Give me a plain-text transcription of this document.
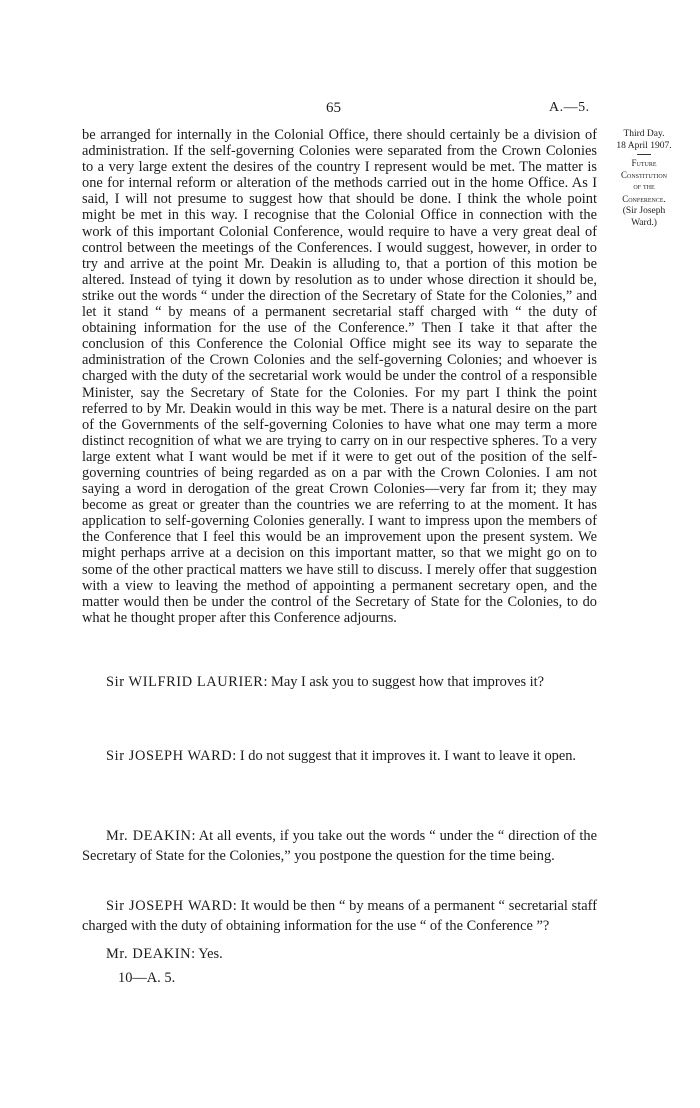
65	A.—5.
Third Day.
18 April 1907.
Future
Constitution
of the
Conference.
(Sir Joseph
Ward.)

be arranged for internally in the Colonial Office, there should certainly be a division of administration. If the self-governing Colonies were separated from the Crown Colonies to a very large extent the desires of the country I represent would be met. The matter is one for internal reform or alteration of the methods carried out in the home Office. As I said, I will not presume to suggest how that should be done. I think the whole point might be met in this way. I recognise that the Colonial Office in connection with the work of this important Colonial Conference, would require to have a very great deal of control between the meetings of the Conferences. I would suggest, however, in order to try and arrive at the point Mr. Deakin is alluding to, that a portion of this motion be altered. Instead of tying it down by resolution as to under whose direction it should be, strike out the words “ under the direction of the Secretary of State for the Colonies,” and let it stand “ by means of a permanent secretarial staff charged with “ the duty of obtaining information for the use of the Conference.” Then I take it that after the conclusion of this Conference the Colonial Office might see its way to separate the administration of the Crown Colonies and the self-governing Colonies; and whoever is charged with the duty of the secretarial work would be under the control of a responsible Minister, say the Secretary of State for the Colonies. For my part I think the point referred to by Mr. Deakin would in this way be met. There is a natural desire on the part of the Governments of the self-governing Colonies to have what one may term a more distinct recognition of what we are trying to carry on in our respective spheres. To a very large extent what I want would be met if it were to get out of the position of the self-governing countries of being regarded as on a par with the Crown Colonies. I am not saying a word in derogation of the great Crown Colonies—very far from it; they may become as great or greater than the countries we are referring to at the moment. It has application to self-governing Colonies generally. I want to impress upon the members of the Conference that I feel this would be an improvement upon the present system. We might perhaps arrive at a decision on this important matter, so that we might go on to some of the other practical matters we have still to discuss. I merely offer that suggestion with a view to leaving the method of appointing a permanent secretary open, and the matter would then be under the control of the Secretary of State for the Colonies, to do what he thought proper after this Conference adjourns.

Sir WILFRID LAURIER: May I ask you to suggest how that improves it?

Sir JOSEPH WARD: I do not suggest that it improves it. I want to leave it open.

Mr. DEAKIN: At all events, if you take out the words “ under the “ direction of the Secretary of State for the Colonies,” you postpone the question for the time being.

Sir JOSEPH WARD: It would be then “ by means of a permanent “ secretarial staff charged with the duty of obtaining information for the use “ of the Conference ”?

Mr. DEAKIN: Yes.

10—A. 5.
